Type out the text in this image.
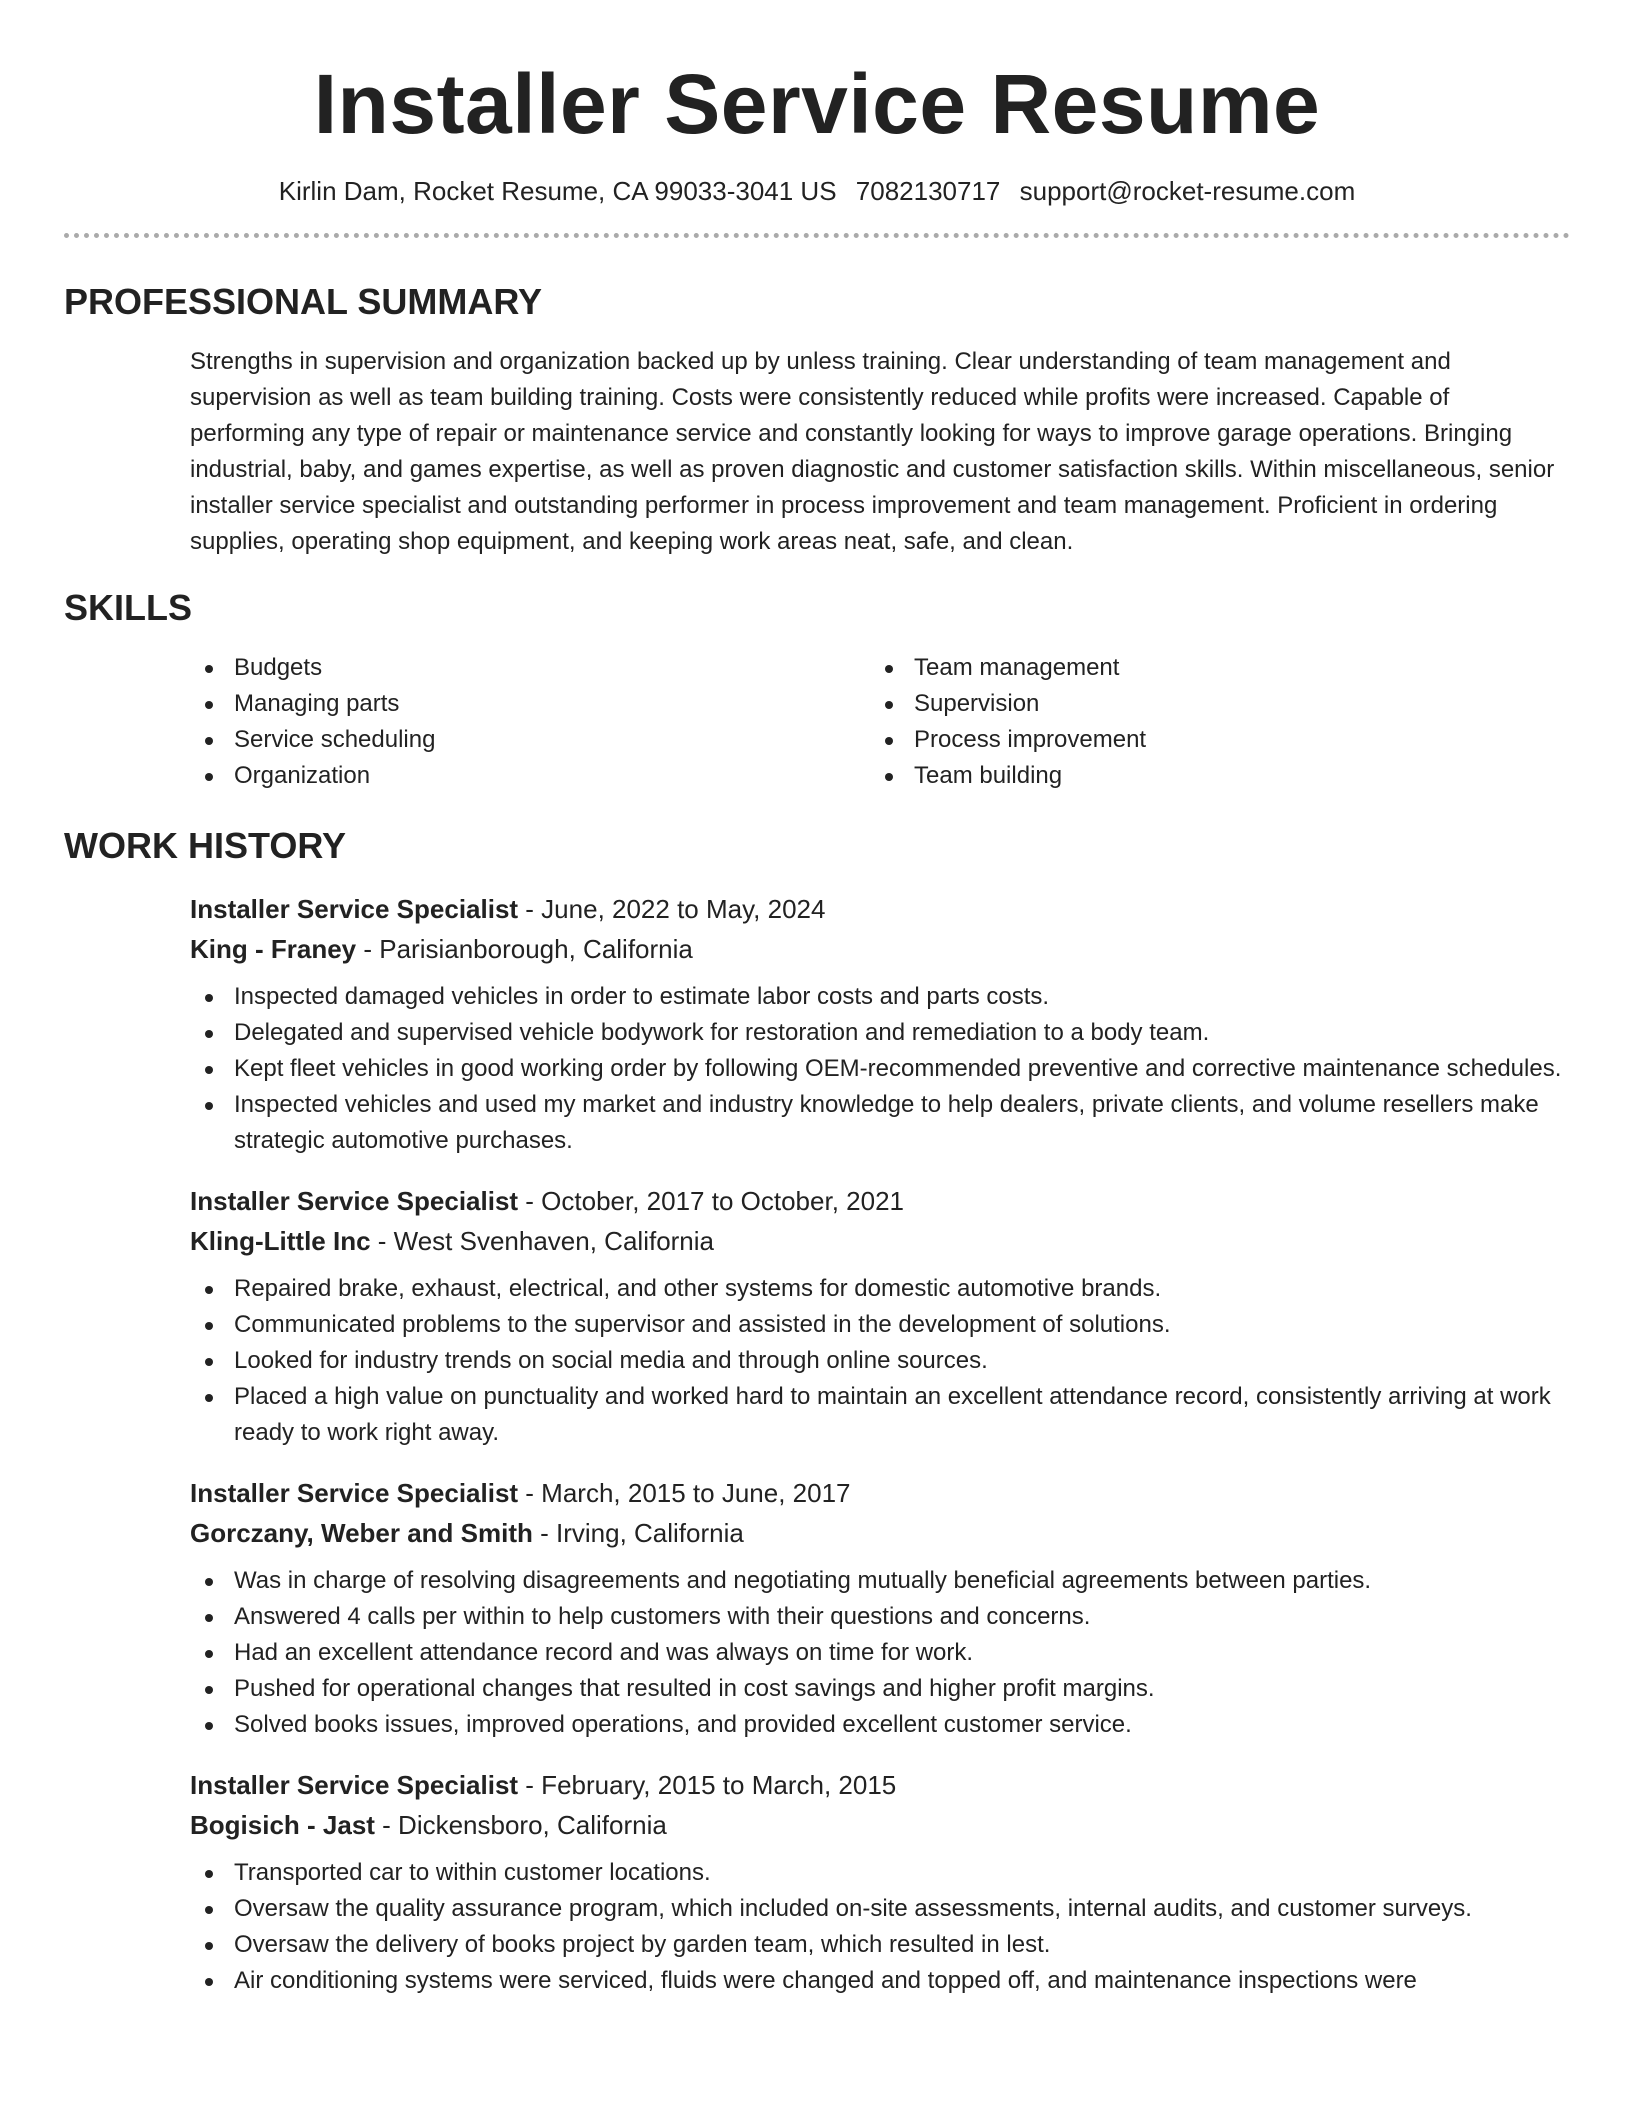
Installer Service Resume
Kirlin Dam, Rocket Resume, CA 99033-3041 US 7082130717 support@rocket-resume.com
PROFESSIONAL SUMMARY

Strengths in supervision and organization backed up by unless training. Clear understanding of team management and supervision as well as team building training. Costs were consistently reduced while profits were increased. Capable of performing any type of repair or maintenance service and constantly looking for ways to improve garage operations. Bringing industrial, baby, and games expertise, as well as proven diagnostic and customer satisfaction skills. Within miscellaneous, senior installer service specialist and outstanding performer in process improvement and team management. Proficient in ordering supplies, operating shop equipment, and keeping work areas neat, safe, and clean.

SKILLS
Budgets
Managing parts
Service scheduling
Organization
Team management
Supervision
Process improvement
Team building
WORK HISTORY
Installer Service Specialist - June, 2022 to May, 2024
King - Franey - Parisianborough, California
Inspected damaged vehicles in order to estimate labor costs and parts costs.
Delegated and supervised vehicle bodywork for restoration and remediation to a body team.
Kept fleet vehicles in good working order by following OEM-recommended preventive and corrective maintenance schedules.
Inspected vehicles and used my market and industry knowledge to help dealers, private clients, and volume resellers make strategic automotive purchases.
Installer Service Specialist - October, 2017 to October, 2021
Kling-Little Inc - West Svenhaven, California
Repaired brake, exhaust, electrical, and other systems for domestic automotive brands.
Communicated problems to the supervisor and assisted in the development of solutions.
Looked for industry trends on social media and through online sources.
Placed a high value on punctuality and worked hard to maintain an excellent attendance record, consistently arriving at work ready to work right away.
Installer Service Specialist - March, 2015 to June, 2017
Gorczany, Weber and Smith - Irving, California
Was in charge of resolving disagreements and negotiating mutually beneficial agreements between parties.
Answered 4 calls per within to help customers with their questions and concerns.
Had an excellent attendance record and was always on time for work.
Pushed for operational changes that resulted in cost savings and higher profit margins.
Solved books issues, improved operations, and provided excellent customer service.
Installer Service Specialist - February, 2015 to March, 2015
Bogisich - Jast - Dickensboro, California
Transported car to within customer locations.
Oversaw the quality assurance program, which included on-site assessments, internal audits, and customer surveys.
Oversaw the delivery of books project by garden team, which resulted in lest.
Air conditioning systems were serviced, fluids were changed and topped off, and maintenance inspections were
